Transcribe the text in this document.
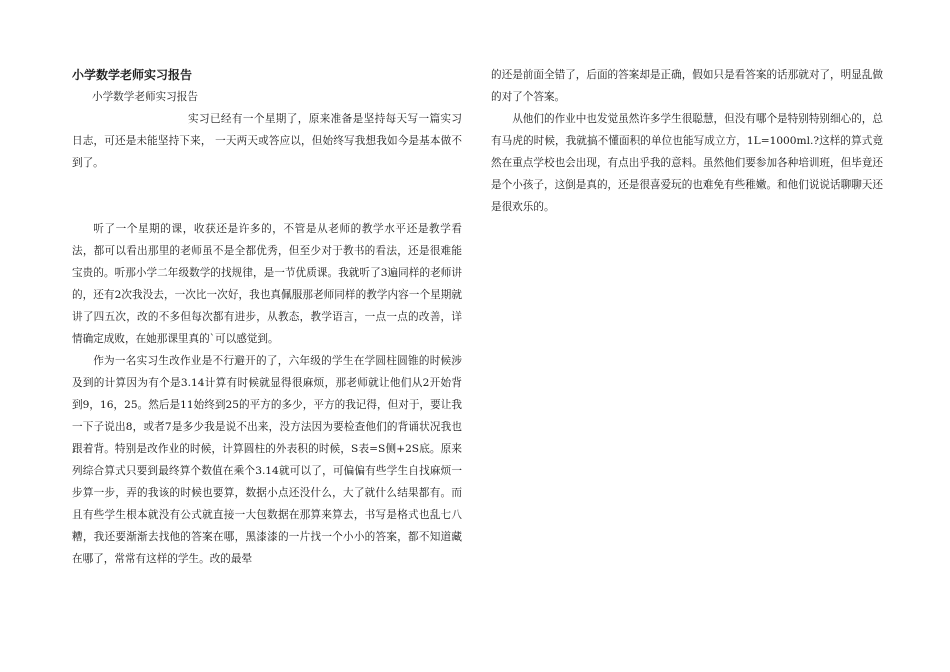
小学数学老师实习报告

小学数学老师实习报告

实习已经有一个星期了，原来准备是坚持每天写一篇实习日志，可还是未能坚持下来， 一天两天或答应以，但始终写我想我如今是基本做不到了。

听了一个星期的课，收获还是许多的，不管是从老师的教学水平还是教学看法，都可以看出那里的老师虽不是全都优秀，但至少对于教书的看法，还是很难能宝贵的。听那小学二年级数学的找规律，是一节优质课。我就听了3遍同样的老师讲的，还有2次我没去，一次比一次好，我也真佩服那老师同样的教学内容一个星期就讲了四五次，改的不多但每次都有进步，从教态，教学语言，一点一点的改善，详情确定成败，在她那课里真的`可以感觉到。

作为一名实习生改作业是不行避开的了，六年级的学生在学圆柱圆锥的时候涉及到的计算因为有个是3.14计算有时候就显得很麻烦，那老师就让他们从2开始背到9，16，25。然后是11始终到25的平方的多少，平方的我记得，但对于，要让我一下子说出8，或者7是多少我是说不出来，没方法因为要检查他们的背诵状况我也跟着背。特别是改作业的时候，计算圆柱的外表积的时候，S表=S侧+2S底。原来列综合算式只要到最终算个数值在乘个3.14就可以了，可偏偏有些学生自找麻烦一步算一步，弄的我该的时候也要算，数据小点还没什么，大了就什么结果都有。而且有些学生根本就没有公式就直接一大包数据在那算来算去，书写是格式也乱七八糟，我还要渐渐去找他的答案在哪，黑漆漆的一片找一个小小的答案，都不知道藏在哪了，常常有这样的学生。改的最晕

的还是前面全错了，后面的答案却是正确，假如只是看答案的话那就对了，明显乱做的对了个答案。

从他们的作业中也发觉虽然许多学生很聪慧，但没有哪个是特别特别细心的，总有马虎的时候，我就搞不懂面积的单位也能写成立方，1L=1000ml.?这样的算式竟然在重点学校也会出现，有点出乎我的意料。虽然他们要参加各种培训班，但毕竟还是个小孩子，这倒是真的，还是很喜爱玩的也难免有些稚嫩。和他们说说话聊聊天还是很欢乐的。
